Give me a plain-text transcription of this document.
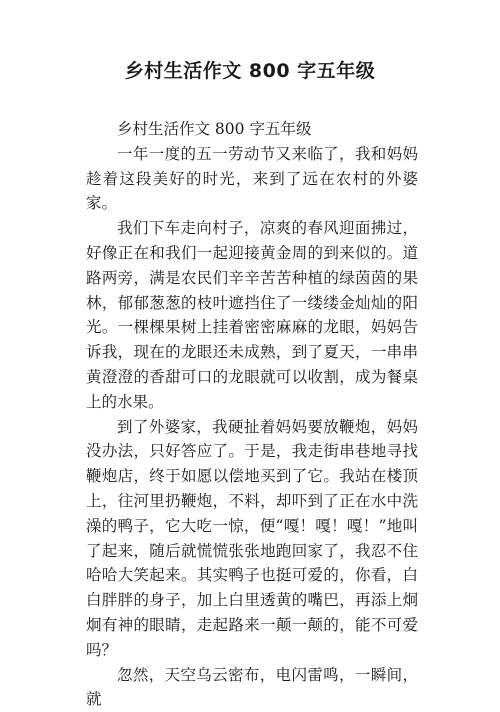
乡村生活作文 800 字五年级

乡村生活作文 800 字五年级

一年一度的五一劳动节又来临了，我和妈妈趁着这段美好的时光，来到了远在农村的外婆家。

我们下车走向村子，凉爽的春风迎面拂过，好像正在和我们一起迎接黄金周的到来似的。道路两旁，满是农民们辛辛苦苦种植的绿茵茵的果林，郁郁葱葱的枝叶遮挡住了一缕缕金灿灿的阳光。一棵棵果树上挂着密密麻麻的龙眼，妈妈告诉我，现在的龙眼还未成熟，到了夏天，一串串黄澄澄的香甜可口的龙眼就可以收割，成为餐桌上的水果。

到了外婆家，我硬扯着妈妈要放鞭炮，妈妈没办法，只好答应了。于是，我走街串巷地寻找鞭炮店，终于如愿以偿地买到了它。我站在楼顶上，往河里扔鞭炮，不料，却吓到了正在水中洗澡的鸭子，它大吃一惊，便“嘎！嘎！嘎！”地叫了起来，随后就慌慌张张地跑回家了，我忍不住哈哈大笑起来。其实鸭子也挺可爱的，你看，白白胖胖的身子，加上白里透黄的嘴巴，再添上炯炯有神的眼睛，走起路来一颠一颠的，能不可爱吗？

忽然，天空乌云密布，电闪雷鸣，一瞬间，就
